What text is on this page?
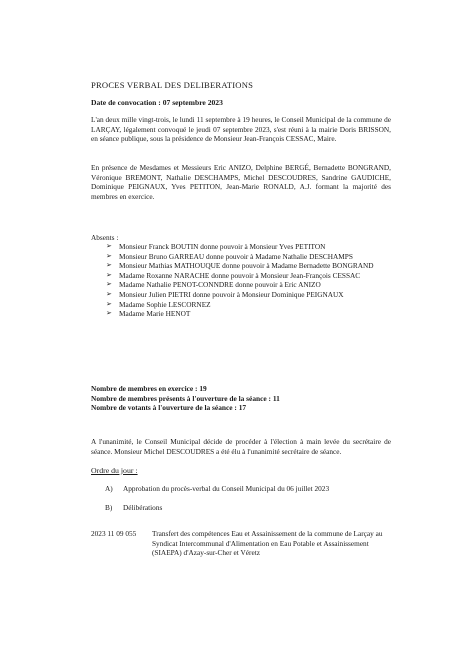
PROCES VERBAL DES DELIBERATIONS
Date de convocation : 07 septembre 2023
L'an deux mille vingt-trois, le lundi 11 septembre à 19 heures, le Conseil Municipal de la commune de LARÇAY, légalement convoqué le jeudi 07 septembre 2023, s'est réuni à la mairie Doris BRISSON, en séance publique, sous la présidence de Monsieur Jean-François CESSAC, Maire.
En présence de Mesdames et Messieurs Eric ANIZO, Delphine BERGÉ, Bernadette BONGRAND, Véronique BREMONT, Nathalie DESCHAMPS, Michel DESCOUDRES, Sandrine GAUDICHE, Dominique PEIGNAUX, Yves PETITON, Jean-Marie RONALD, A.J. formant la majorité des membres en exercice.
Absents :
➢ Monsieur Franck BOUTIN donne pouvoir à Monsieur Yves PETITON
➢ Monsieur Bruno GARREAU donne pouvoir à Madame Nathalie DESCHAMPS
➢ Monsieur Mathias MATHOUQUE donne pouvoir à Madame Bernadette BONGRAND
➢ Madame Roxanne NARACHE donne pouvoir à Monsieur Jean-François CESSAC
➢ Madame Nathalie PENOT-CONNDRE donne pouvoir à Eric ANIZO
➢ Monsieur Julien PIETRI donne pouvoir à Monsieur Dominique PEIGNAUX
➢ Madame Sophie LESCORNEZ
➢ Madame Marie HENOT
Nombre de membres en exercice : 19
Nombre de membres présents à l'ouverture de la séance : 11
Nombre de votants à l'ouverture de la séance : 17
A l'unanimité, le Conseil Municipal décide de procéder à l'élection à main levée du secrétaire de séance. Monsieur Michel DESCOUDRES a été élu à l'unanimité secrétaire de séance.
Ordre du jour :
A) Approbation du procès-verbal du Conseil Municipal du 06 juillet 2023
B) Délibérations
2023 11 09 055	Transfert des compétences Eau et Assainissement de la commune de Larçay au Syndicat Intercommunal d'Alimentation en Eau Potable et Assainissement (SIAEPA) d'Azay-sur-Cher et Véretz
